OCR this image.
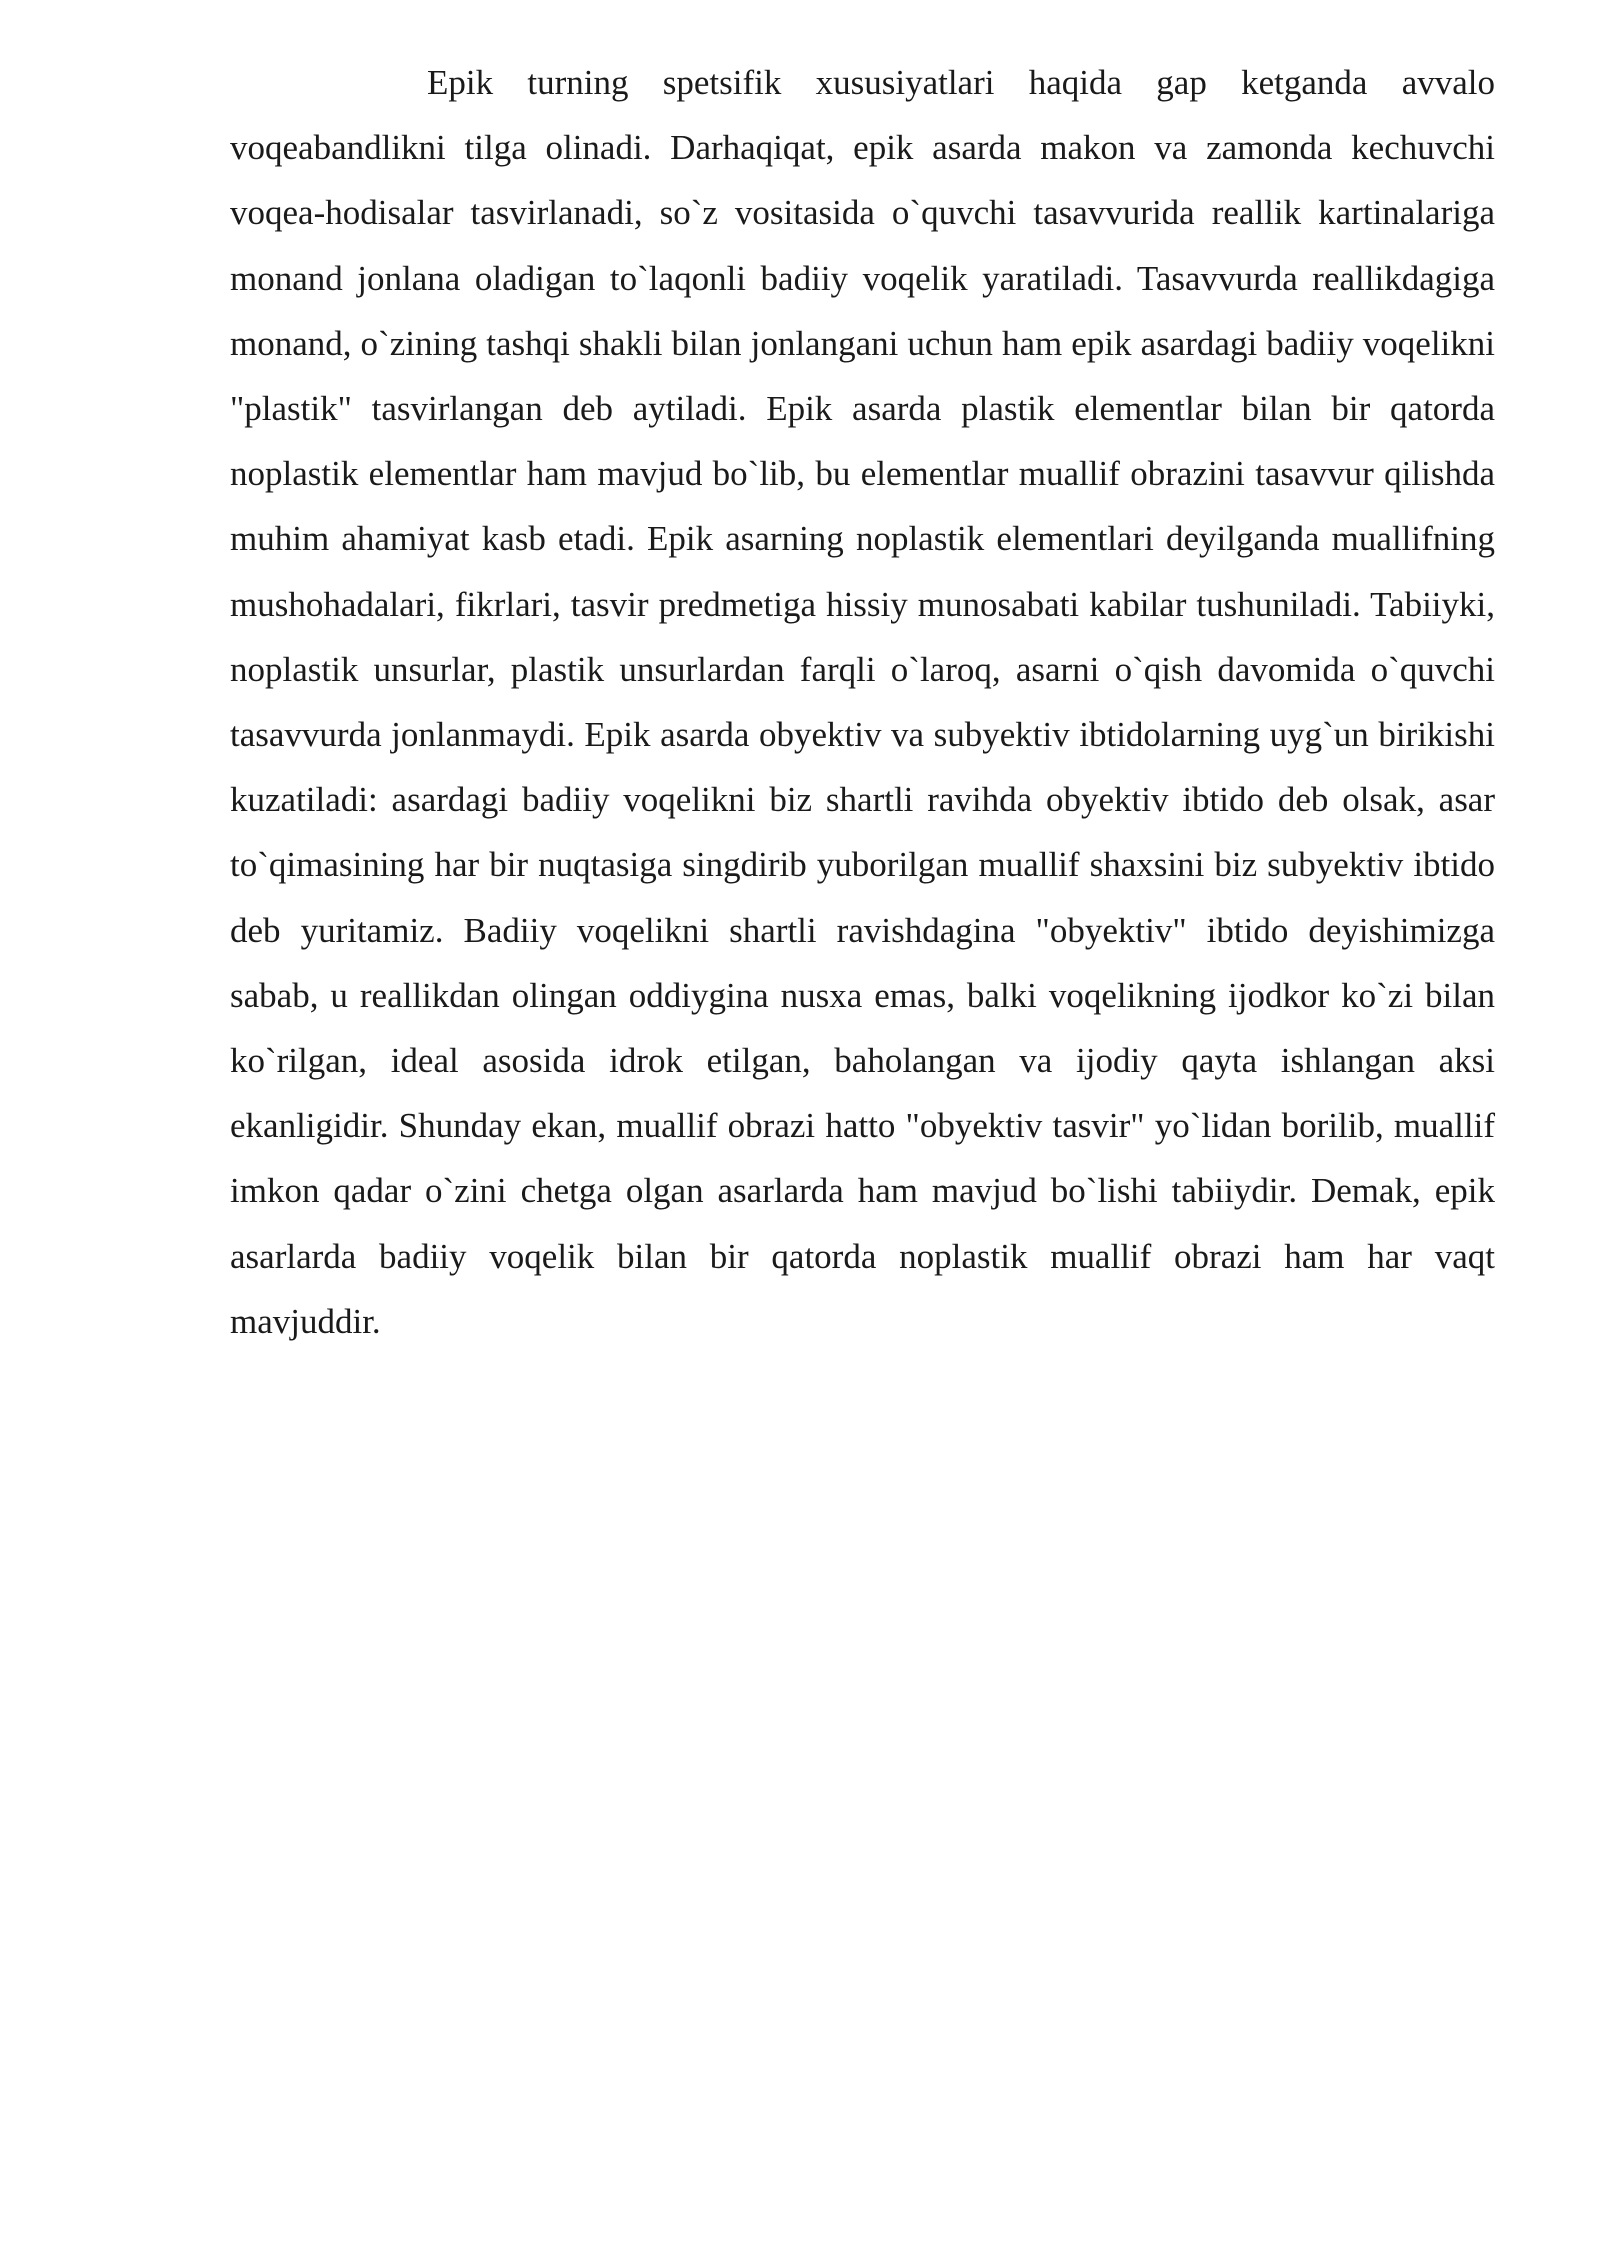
Epik turning spetsifik xususiyatlari haqida gap ketganda avvalo voqeabandlikni tilga olinadi. Darhaqiqat, epik asarda makon va zamonda kechuvchi voqea-hodisalar tasvirlanadi, so`z vositasida o`quvchi tasavvurida reallik kartinalariga monand jonlana oladigan to`laqonli badiiy voqelik yaratiladi. Tasavvurda reallikdagiga monand, o`zining tashqi shakli bilan jonlangani uchun ham epik asardagi badiiy voqelikni "plastik" tasvirlangan deb aytiladi. Epik asarda plastik elementlar bilan bir qatorda noplastik elementlar ham mavjud bo`lib, bu elementlar muallif obrazini tasavvur qilishda muhim ahamiyat kasb etadi. Epik asarning noplastik elementlari deyilganda muallifning mushohadalari, fikrlari, tasvir predmetiga hissiy munosabati kabilar tushuniladi. Tabiiyki, noplastik unsurlar, plastik unsurlardan farqli o`laroq, asarni o`qish davomida o`quvchi tasavvurda jonlanmaydi. Epik asarda obyektiv va subyektiv ibtidolarning uyg`un birikishi kuzatiladi: asardagi badiiy voqelikni biz shartli ravihda obyektiv ibtido deb olsak, asar to`qimasining har bir nuqtasiga singdirib yuborilgan muallif shaxsini biz subyektiv ibtido deb yuritamiz. Badiiy voqelikni shartli ravishdagina "obyektiv" ibtido deyishimizga sabab, u reallikdan olingan oddiygina nusxa emas, balki voqelikning ijodkor ko`zi bilan ko`rilgan, ideal asosida idrok etilgan, baholangan va ijodiy qayta ishlangan aksi ekanligidir. Shunday ekan, muallif obrazi hatto "obyektiv tasvir" yo`lidan borilib, muallif imkon qadar o`zini chetga olgan asarlarda ham mavjud bo`lishi tabiiydir. Demak, epik asarlarda badiiy voqelik bilan bir qatorda noplastik muallif obrazi ham har vaqt mavjuddir.
